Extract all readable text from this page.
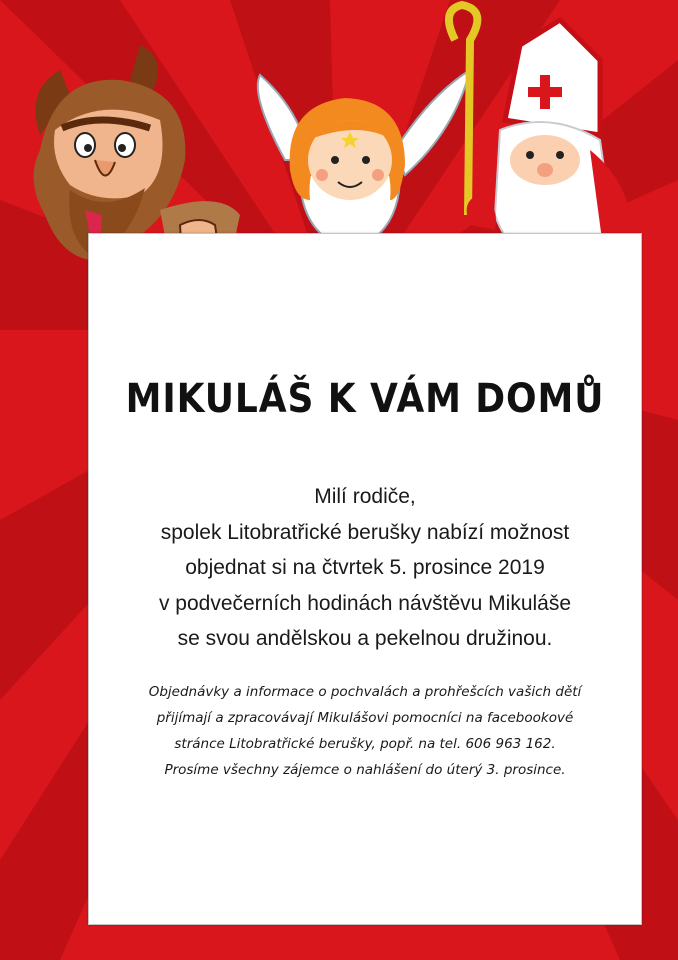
MIKULÁŠ K VÁM DOMŮ
Milí rodiče,
spolek Litobratřické berušky nabízí možnost
objednat si na čtvrtek 5. prosince 2019
v podvečerních hodinách návštěvu Mikuláše
se svou andělskou a pekelnou družinou.
Objednávky a informace o pochvalách a prohřešcích vašich dětí
přijímají a zpracovávají Mikulášovi pomocníci na facebookové
stránce Litobratřické berušky, popř. na tel. 606 963 162.
Prosíme všechny zájemce o nahlášení do úterý 3. prosince.
